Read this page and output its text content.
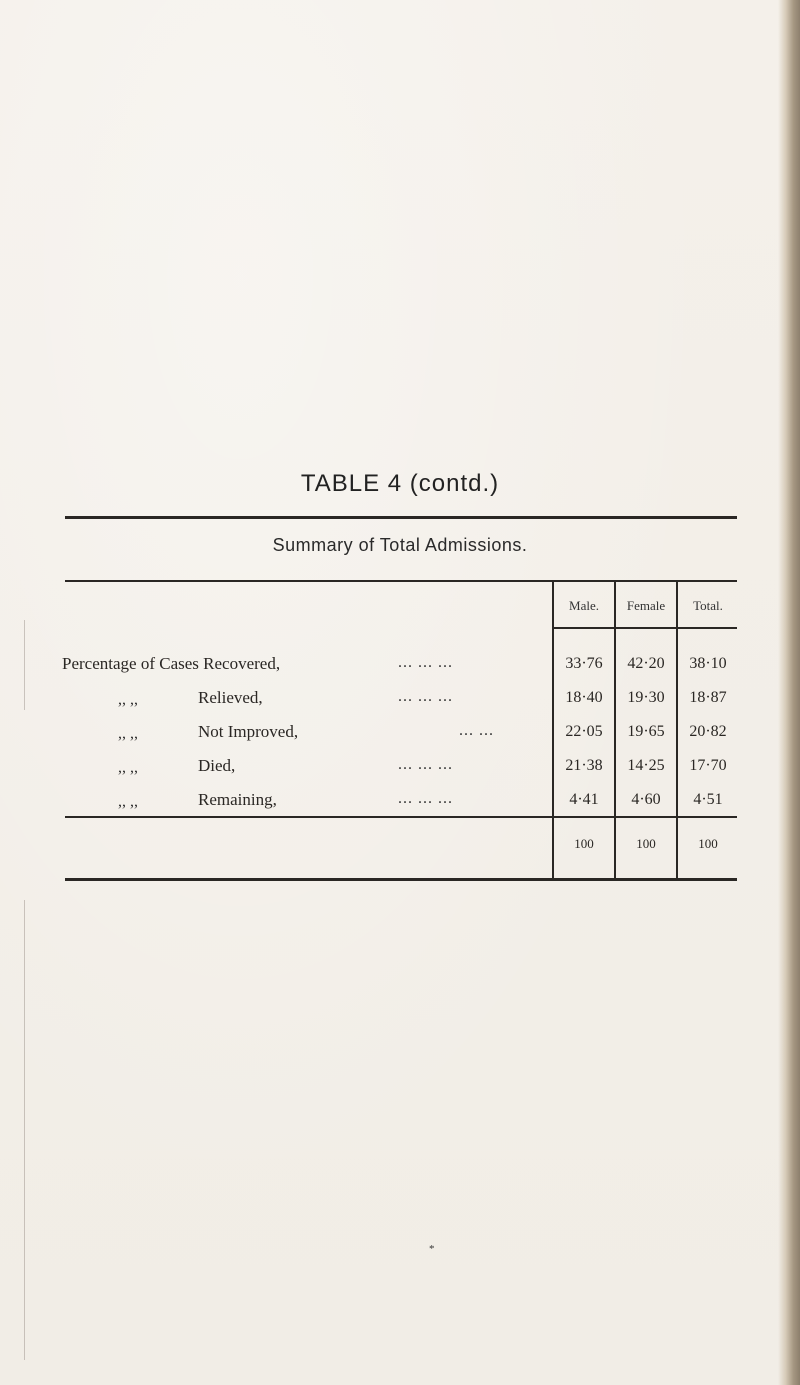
TABLE 4 (contd.)
Summary of Total Admissions.
Male.	Female	Total.
Percentage of Cases Recovered,	... ... ...	33·76	42·20	38·10
,, ,,	Relieved,	... ... ...	18·40	19·30	18·87
,, ,,	Not Improved,	... ...	22·05	19·65	20·82
,, ,,	Died,	... ... ...	21·38	14·25	17·70
,, ,,	Remaining,	... ... ...	4·41	4·60	4·51
100	100	100
*
